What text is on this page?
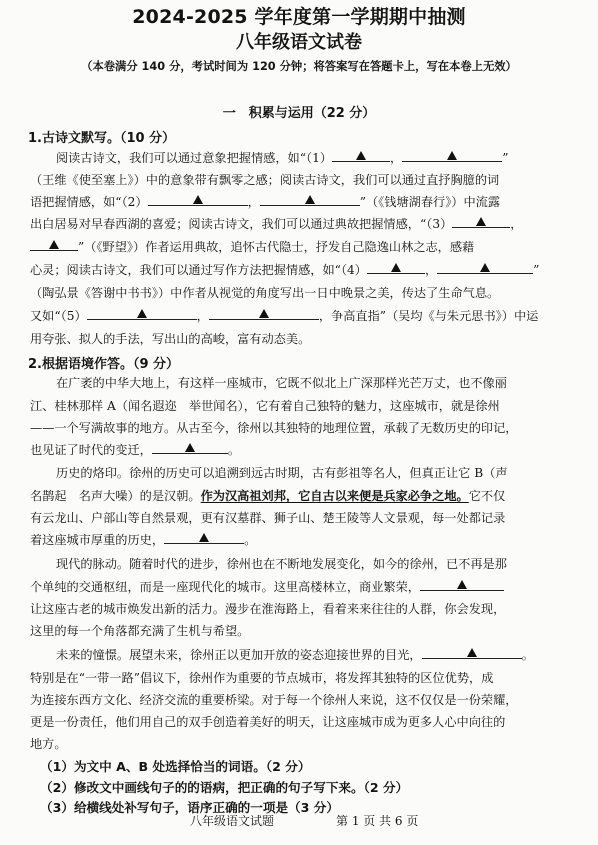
2024-2025 学年度第一学期期中抽测
八年级语文试卷
（本卷满分 140 分，考试时间为 120 分钟；将答案写在答题卡上，写在本卷上无效）
一　积累与运用（22 分）
1.古诗文默写。（10 分）
阅读古诗文，我们可以通过意象把握情感，如“（1）	，	”
（王维《使至塞上》）中的意象带有飘零之感；阅读古诗文，我们可以通过直抒胸臆的词
语把握情感，如“（2）	，	”（《钱塘湖春行》）中流露
出白居易对早春西湖的喜爱；阅读古诗文，我们可以通过典故把握情感，“（3）	，
”（《野望》）作者运用典故，追怀古代隐士，抒发自己隐逸山林之志，感藉
心灵；阅读古诗文，我们可以通过写作方法把握情感，如“（4）	，	”
（陶弘景《答谢中书书》）中作者从视觉的角度写出一日中晚景之美，传达了生命气息。
又如“（5）	，	，争高直指”（吴均《与朱元思书》）中运
用夸张、拟人的手法，写出山的高峻，富有动态美。
2.根据语境作答。（9 分）
在广袤的中华大地上，有这样一座城市，它既不似北上广深那样光芒万丈，也不像丽
江、桂林那样 A（闻名遐迩　举世闻名），它有着自己独特的魅力，这座城市，就是徐州
——一个写满故事的地方。从古至今，徐州以其独特的地理位置，承载了无数历史的印记，
也见证了时代的变迁，	。
历史的烙印。徐州的历史可以追溯到远古时期，古有彭祖等名人，但真正让它 B（声
名鹊起　名声大噪）的是汉朝。作为汉高祖刘邦，它自古以来便是兵家必争之地。它不仅
有云龙山、户部山等自然景观，更有汉墓群、狮子山、楚王陵等人文景观，每一处都记录
着这座城市厚重的历史，	。
现代的脉动。随着时代的进步，徐州也在不断地发展变化，如今的徐州，已不再是那
个单纯的交通枢纽，而是一座现代化的城市。这里高楼林立，商业繁荣，
让这座古老的城市焕发出新的活力。漫步在淮海路上，看着来来往往的人群，你会发现，
这里的每一个角落都充满了生机与希望。
未来的憧憬。展望未来，徐州正以更加开放的姿态迎接世界的目光，	。
特别是在“一带一路”倡议下，徐州作为重要的节点城市，将发挥其独特的区位优势，成
为连接东西方文化、经济交流的重要桥梁。对于每一个徐州人来说，这不仅仅是一份荣耀，
更是一份责任，他们用自己的双手创造着美好的明天，让这座城市成为更多人心中向往的
地方。
（1）为文中 A、B 处选择恰当的词语。（2 分）
（2）修改文中画线句子的的语病，把正确的句子写下来。（2 分）
八年级语文试题	第 1 页 共 6 页
（3）给横线处补写句子，语序正确的一项是（3 分）
